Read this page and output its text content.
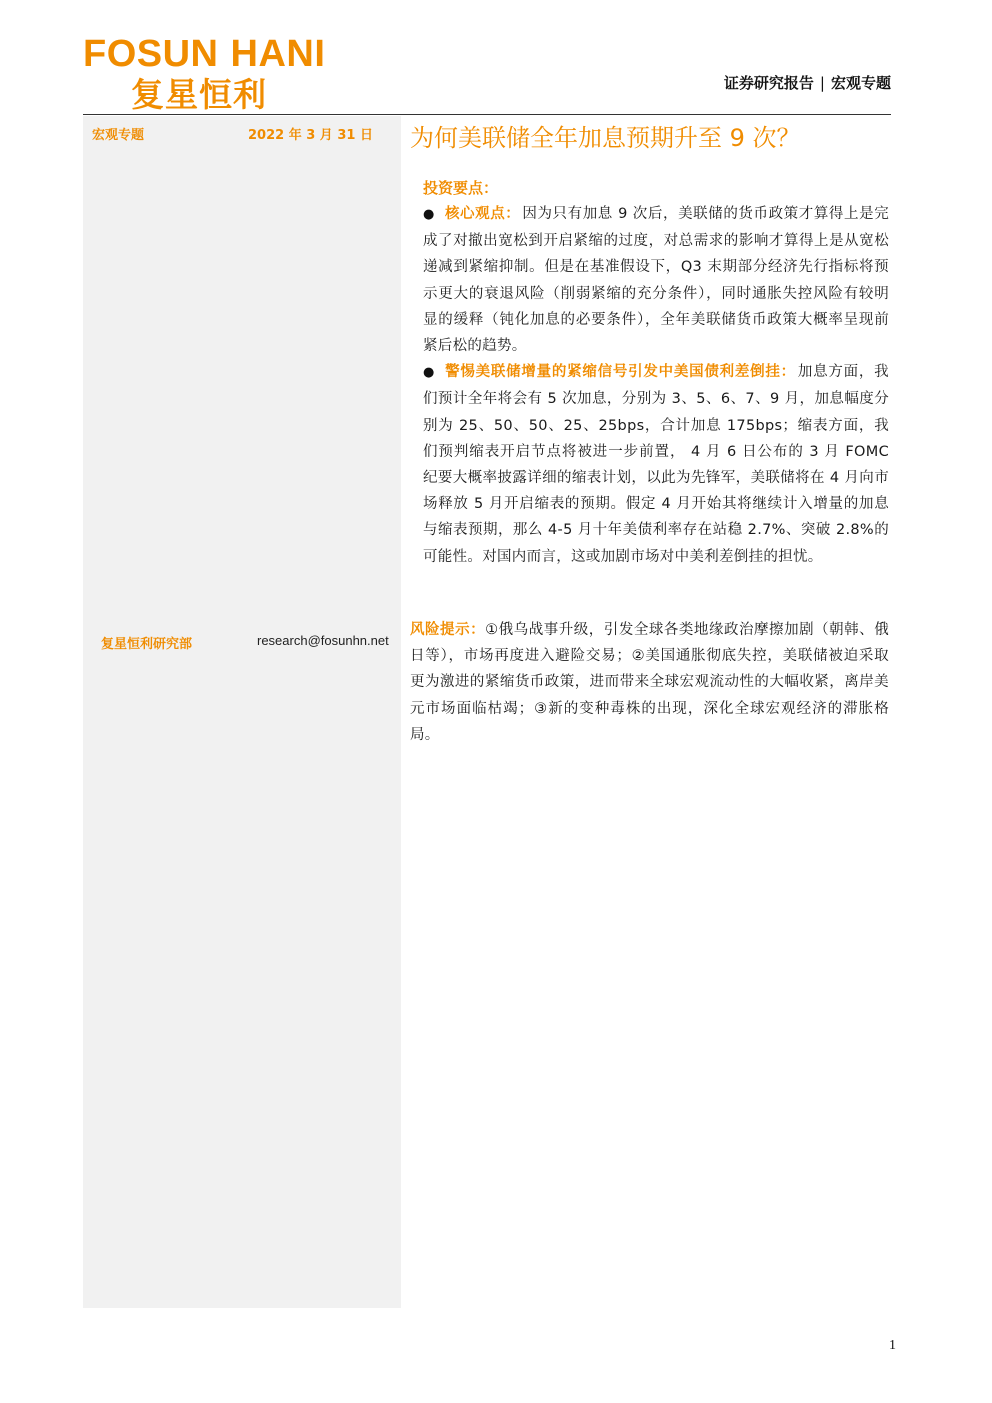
FOSUN HANI
复星恒利	证券研究报告 | 宏观专题
宏观专题	2022 年 3 月 31 日
复星恒利研究部	research@fosunhn.net
为何美联储全年加息预期升至 9 次？
投资要点：
● 核心观点： 因为只有加息 9 次后，美联储的货币政策才算得上是完成了对撤出宽松到开启紧缩的过度，对总需求的影响才算得上是从宽松递减到紧缩抑制。但是在基准假设下，Q3 末期部分经济先行指标将预示更大的衰退风险（削弱紧缩的充分条件），同时通胀失控风险有较明显的缓释（钝化加息的必要条件），全年美联储货币政策大概率呈现前紧后松的趋势。
● 警惕美联储增量的紧缩信号引发中美国债利差倒挂： 加息方面，我们预计全年将会有 5 次加息，分别为 3、5、6、7、9 月，加息幅度分别为 25、50、50、25、25bps，合计加息 175bps；缩表方面，我们预判缩表开启节点将被进一步前置， 4 月 6 日公布的 3 月 FOMC 纪要大概率披露详细的缩表计划，以此为先锋军，美联储将在 4 月向市场释放 5 月开启缩表的预期。假定 4 月开始其将继续计入增量的加息与缩表预期，那么 4-5 月十年美债利率存在站稳 2.7%、突破 2.8%的可能性。对国内而言，这或加剧市场对中美利差倒挂的担忧。

风险提示：①俄乌战事升级，引发全球各类地缘政治摩擦加剧（朝韩、俄日等），市场再度进入避险交易；②美国通胀彻底失控，美联储被迫采取更为激进的紧缩货币政策，进而带来全球宏观流动性的大幅收紧，离岸美元市场面临枯竭；③新的变种毒株的出现，深化全球宏观经济的滞胀格局。

1
